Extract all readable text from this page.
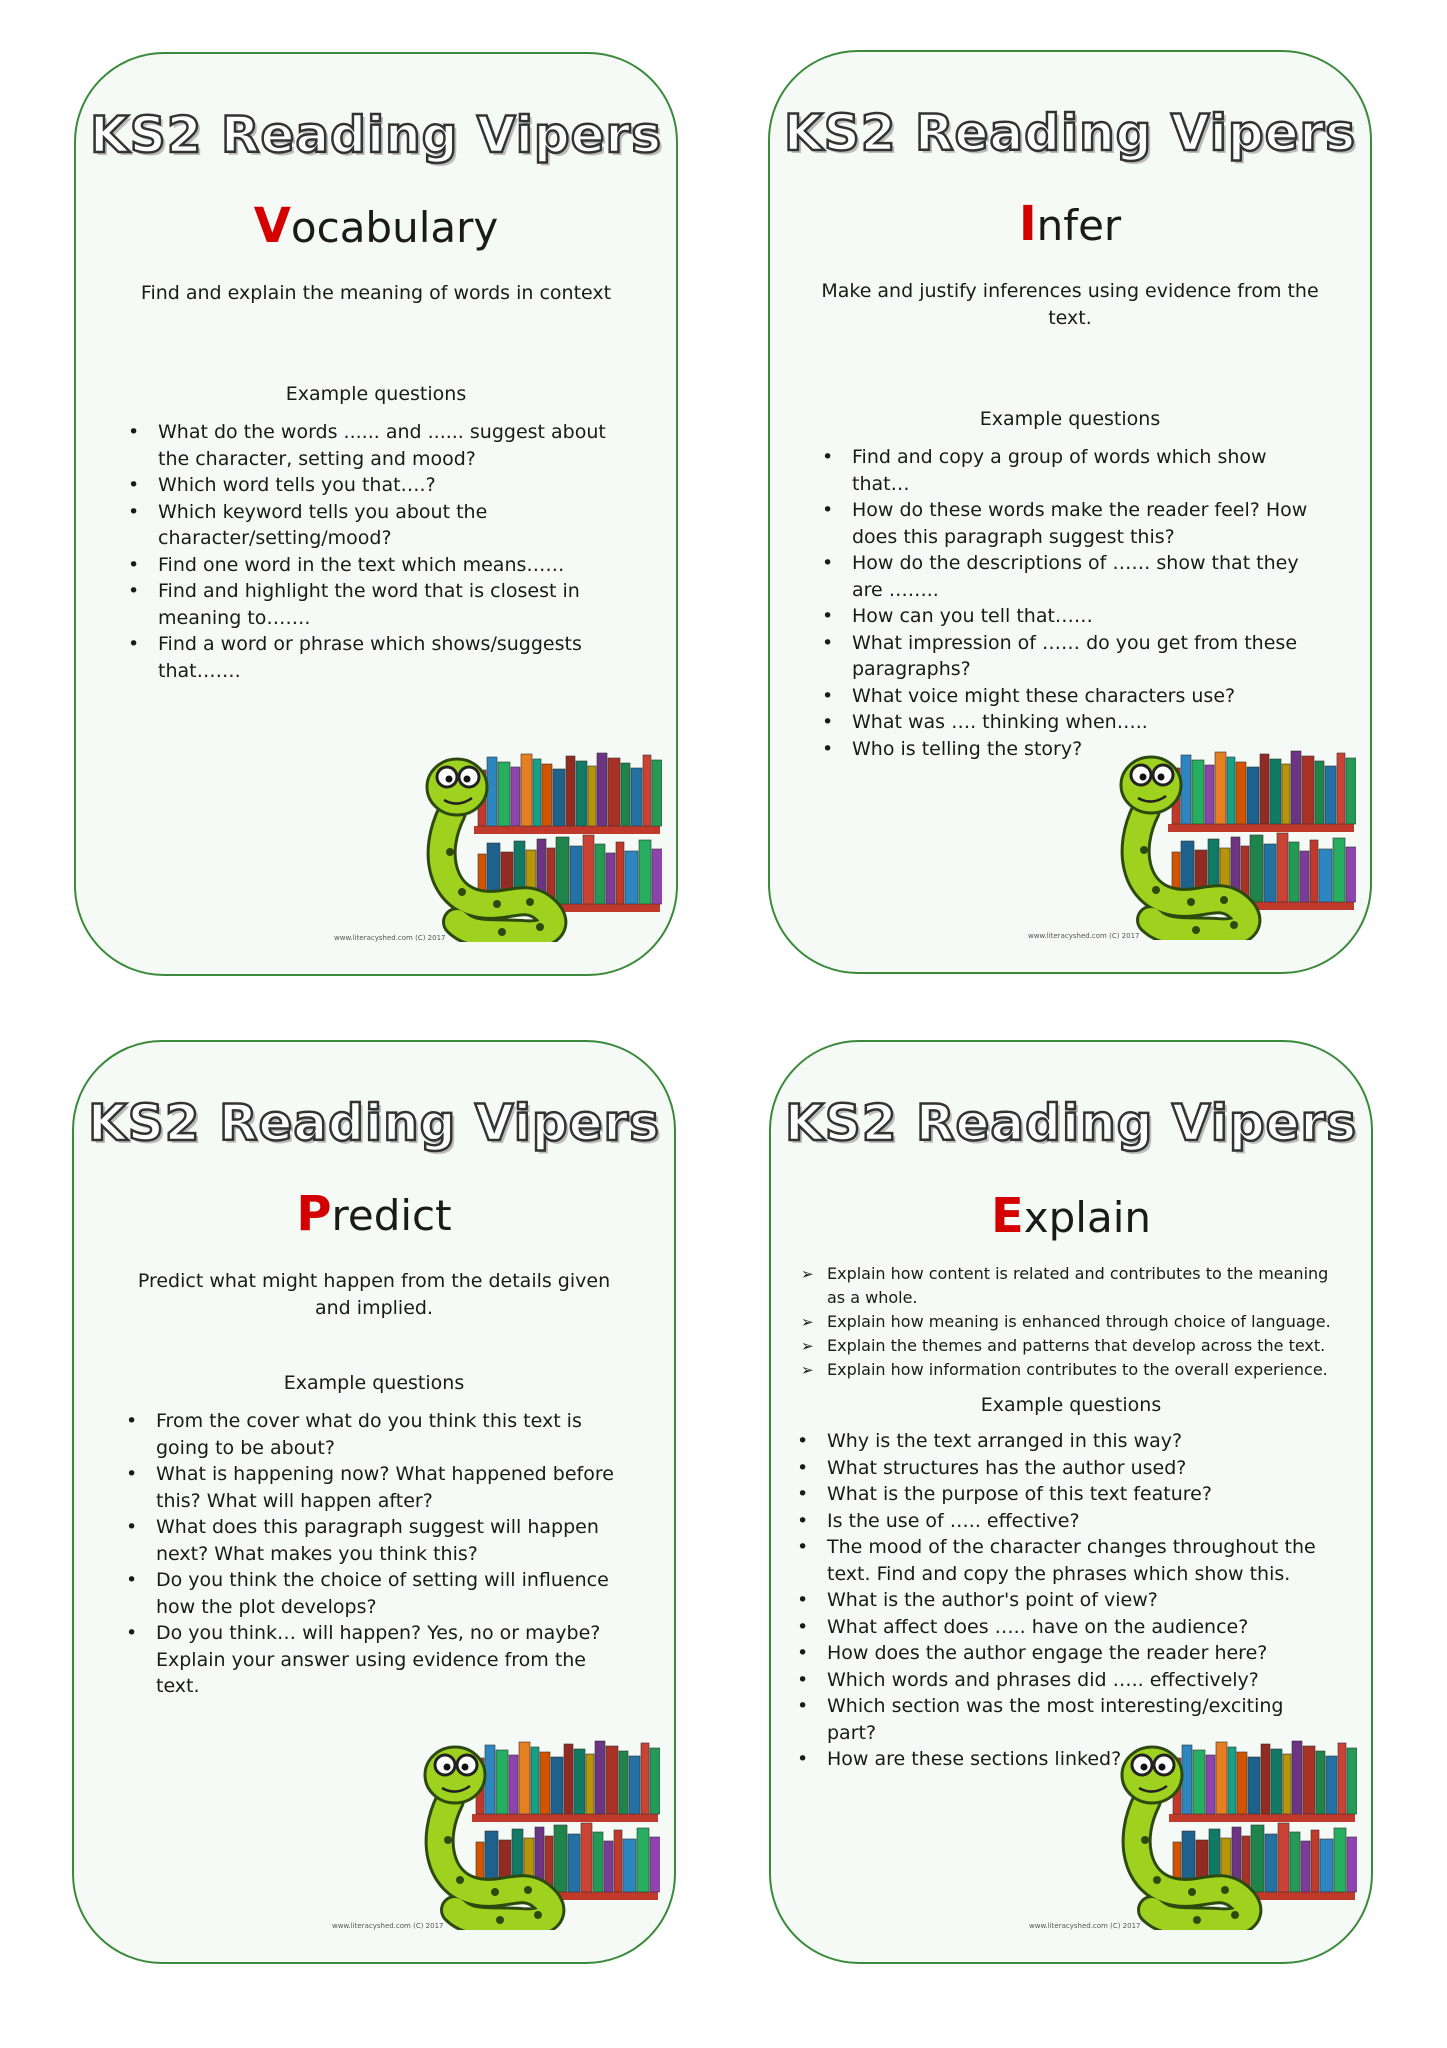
KS2 Reading Vipers
Vocabulary
Find and explain the meaning of words in context
Example questions
• What do the words ...... and ...... suggest about the character, setting and mood?
• Which word tells you that….?
• Which keyword tells you about the character/setting/mood?
• Find one word in the text which means……
• Find and highlight the word that is closest in meaning to…….
• Find a word or phrase which shows/suggests that…….
www.literacyshed.com (C) 2017
KS2 Reading Vipers
Infer
Make and justify inferences using evidence from the text.
Example questions
• Find and copy a group of words which show that…
• How do these words make the reader feel? How does this paragraph suggest this?
• How do the descriptions of …… show that they are ……..
• How can you tell that……
• What impression of …… do you get from these paragraphs?
• What voice might these characters use?
• What was …. thinking when…..
• Who is telling the story?
www.literacyshed.com (C) 2017
KS2 Reading Vipers
Predict
Predict what might happen from the details given and implied.
Example questions
• From the cover what do you think this text is going to be about?
• What is happening now? What happened before this? What will happen after?
• What does this paragraph suggest will happen next? What makes you think this?
• Do you think the choice of setting will influence how the plot develops?
• Do you think… will happen? Yes, no or maybe? Explain your answer using evidence from the text.
www.literacyshed.com (C) 2017
KS2 Reading Vipers
Explain
➢ Explain how content is related and contributes to the meaning as a whole.
➢ Explain how meaning is enhanced through choice of language.
➢ Explain the themes and patterns that develop across the text.
➢ Explain how information contributes to the overall experience.
Example questions
• Why is the text arranged in this way?
• What structures has the author used?
• What is the purpose of this text feature?
• Is the use of ….. effective?
• The mood of the character changes throughout the text. Find and copy the phrases which show this.
• What is the author's point of view?
• What affect does ….. have on the audience?
• How does the author engage the reader here?
• Which words and phrases did ….. effectively?
• Which section was the most interesting/exciting part?
• How are these sections linked?
www.literacyshed.com (C) 2017
